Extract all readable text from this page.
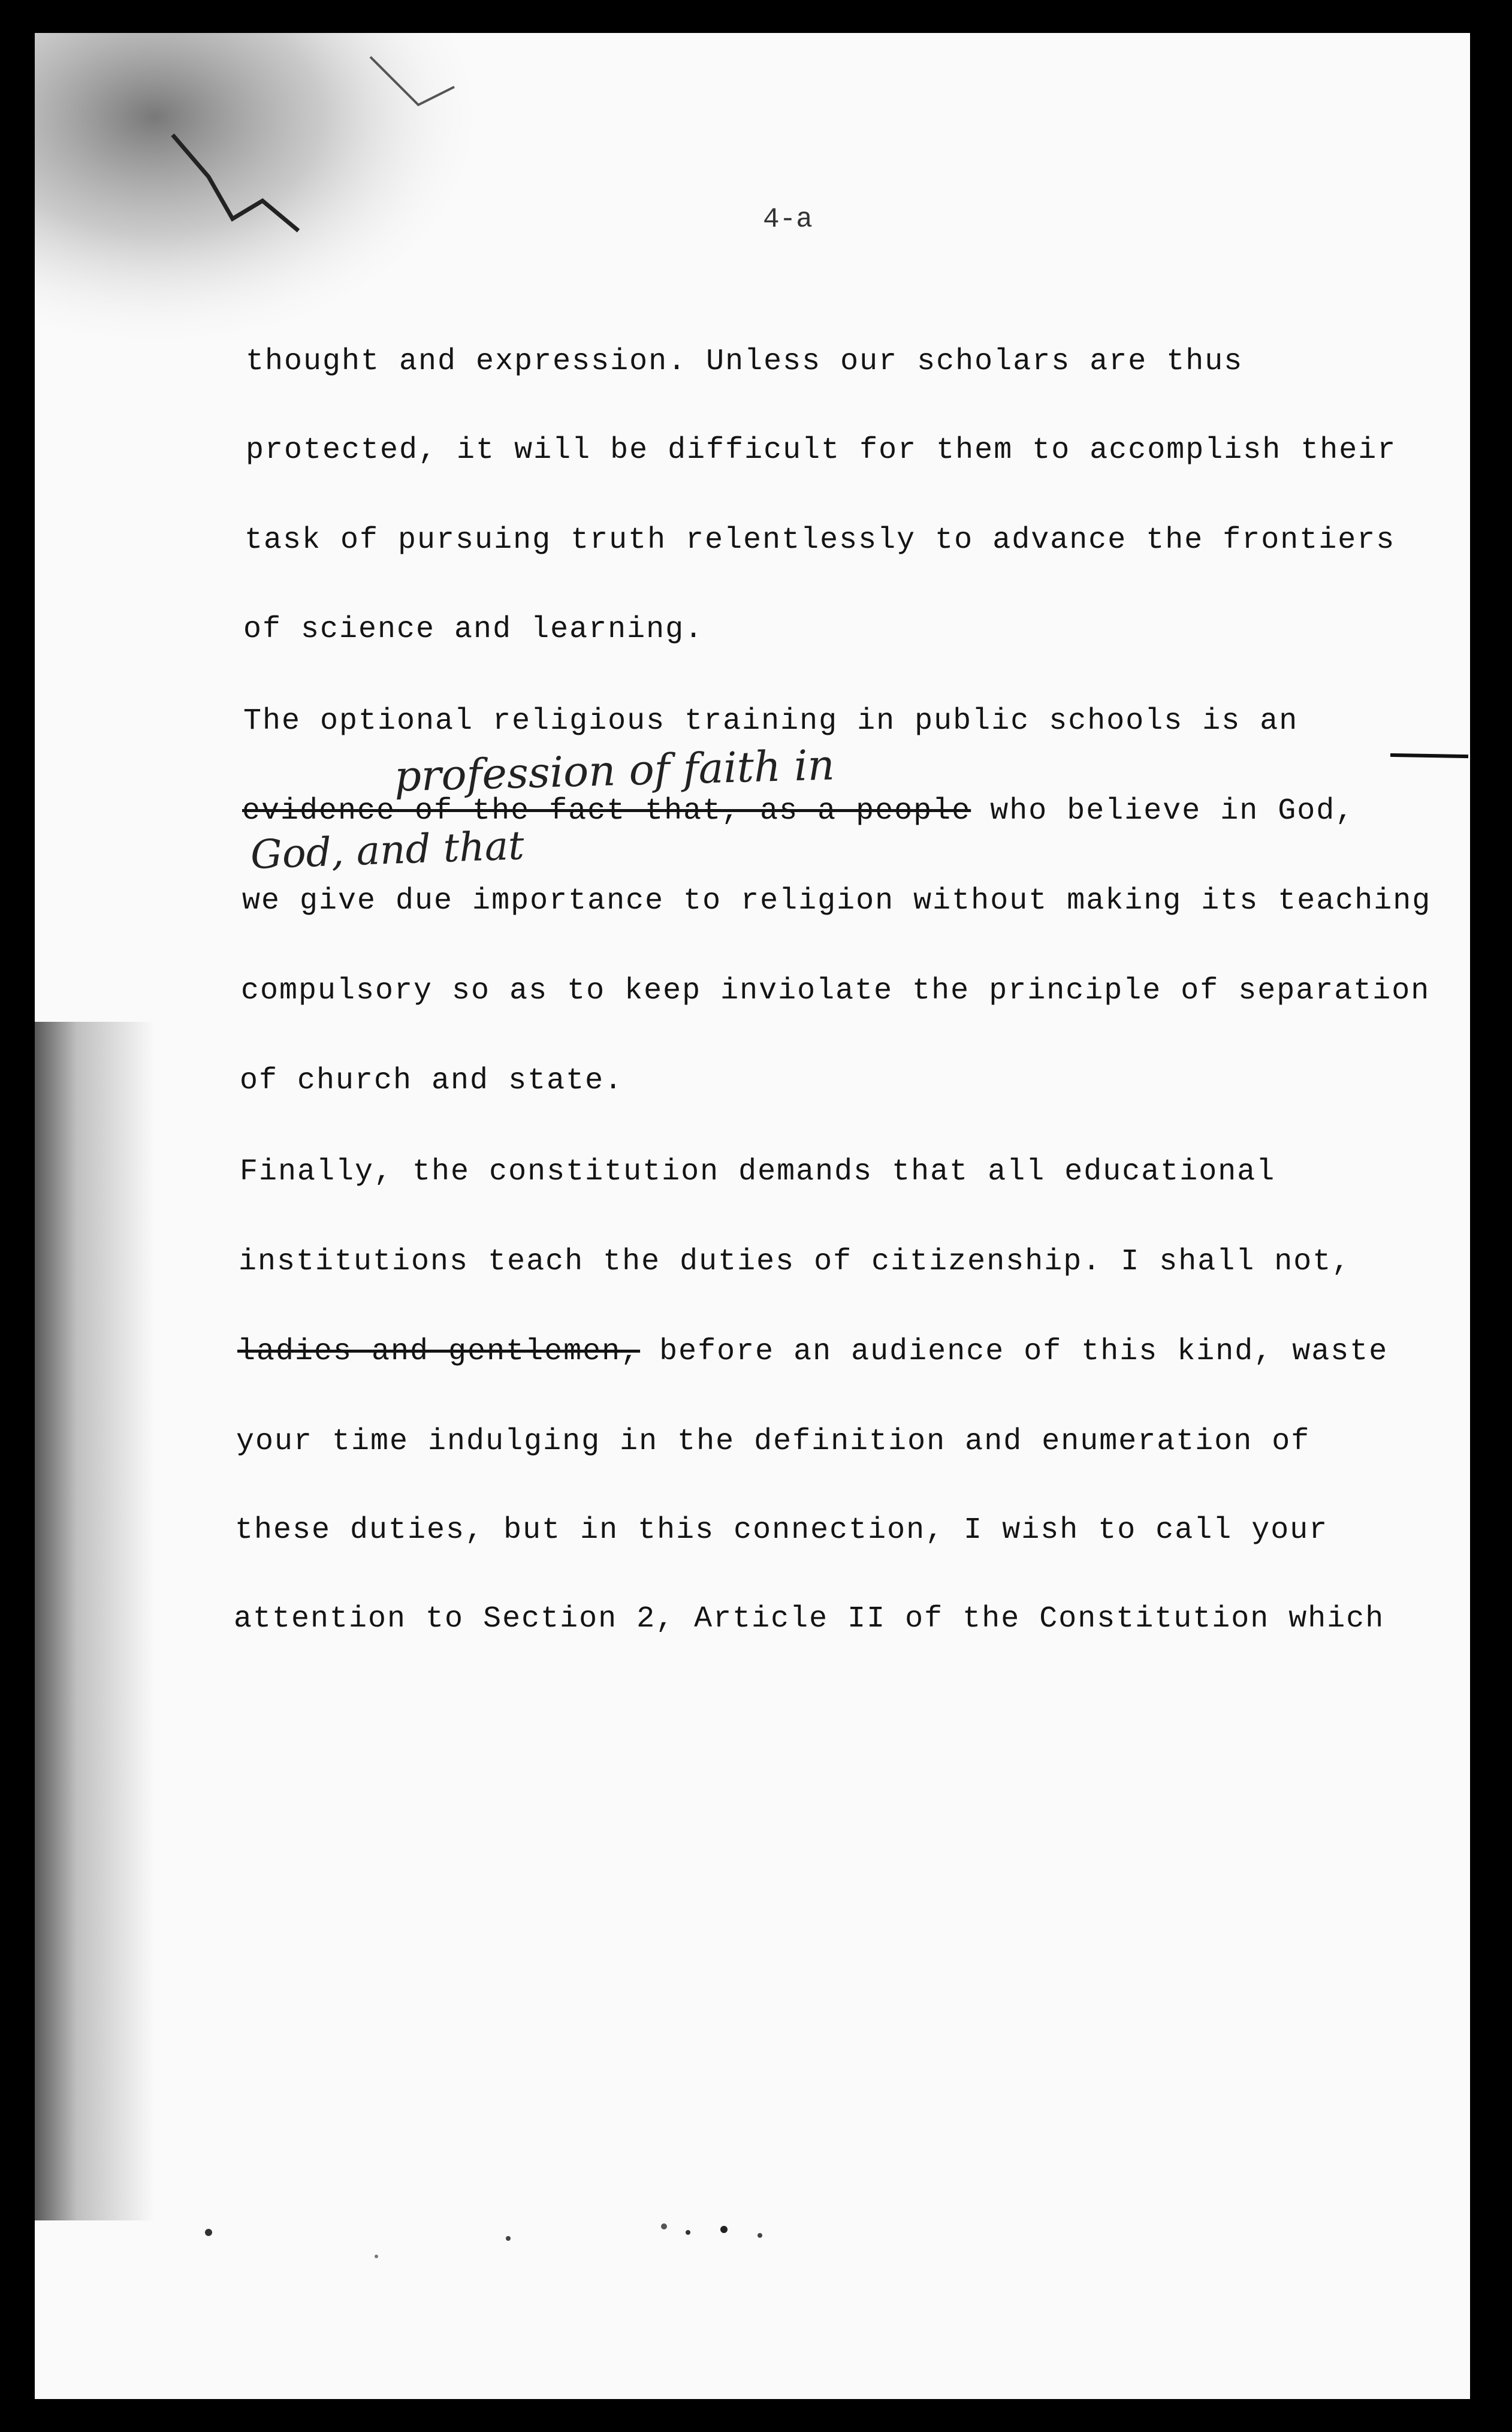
4-a
thought and expression. Unless our scholars are thus
protected, it will be difficult for them to accomplish their
task of pursuing truth relentlessly to advance the frontiers
of science and learning.
The optional religious training in public schools is an
profession of faith in
evidence of the fact that, as a people who believe in God,
God, and that
we give due importance to religion without making its teaching
compulsory so as to keep inviolate the principle of separation
of church and state.
Finally, the constitution demands that all educational
institutions teach the duties of citizenship. I shall not,
ladies and gentlemen, before an audience of this kind, waste
your time indulging in the definition and enumeration of
these duties, but in this connection, I wish to call your
attention to Section 2, Article II of the Constitution which
